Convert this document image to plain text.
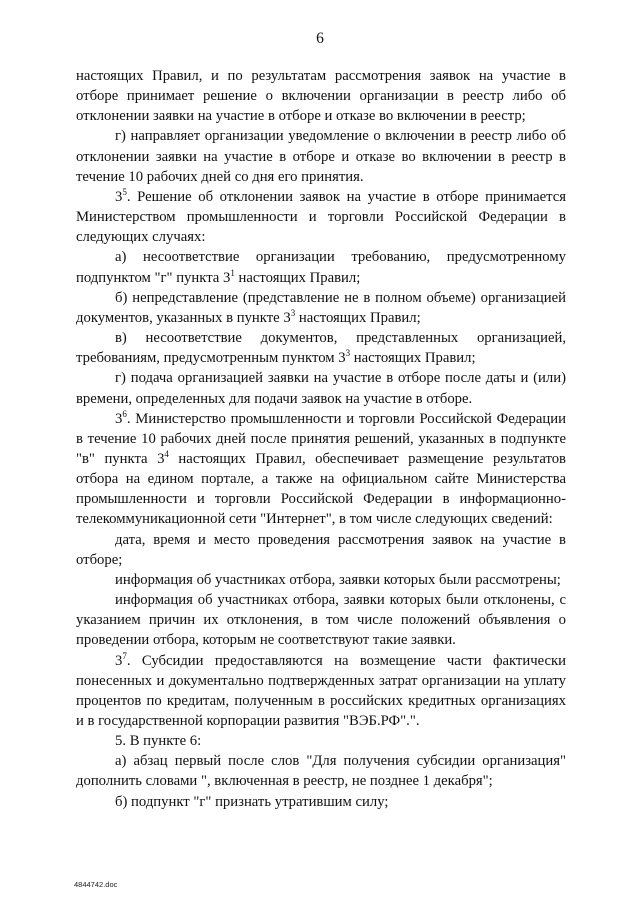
6

настоящих Правил, и по результатам рассмотрения заявок на участие в отборе принимает решение о включении организации в реестр либо об отклонении заявки на участие в отборе и отказе во включении в реестр;

г) направляет организации уведомление о включении в реестр либо об отклонении заявки на участие в отборе и отказе во включении в реестр в течение 10 рабочих дней со дня его принятия.

$3^5$. Решение об отклонении заявок на участие в отборе принимается Министерством промышленности и торговли Российской Федерации в следующих случаях:

а) несоответствие организации требованию, предусмотренному подпунктом "г" пункта $3^1$ настоящих Правил;

б) непредставление (представление не в полном объеме) организацией документов, указанных в пункте $3^3$ настоящих Правил;

в) несоответствие документов, представленных организацией, требованиям, предусмотренным пунктом $3^3$ настоящих Правил;

г) подача организацией заявки на участие в отборе после даты и (или) времени, определенных для подачи заявок на участие в отборе.

$3^6$. Министерство промышленности и торговли Российской Федерации в течение 10 рабочих дней после принятия решений, указанных в подпункте "в" пункта $3^4$ настоящих Правил, обеспечивает размещение результатов отбора на едином портале, а также на официальном сайте Министерства промышленности и торговли Российской Федерации в информационно-телекоммуникационной сети "Интернет", в том числе следующих сведений:

дата, время и место проведения рассмотрения заявок на участие в отборе;

информация об участниках отбора, заявки которых были рассмотрены;

информация об участниках отбора, заявки которых были отклонены, с указанием причин их отклонения, в том числе положений объявления о проведении отбора, которым не соответствуют такие заявки.

$3^7$. Субсидии предоставляются на возмещение части фактически понесенных и документально подтвержденных затрат организации на уплату процентов по кредитам, полученным в российских кредитных организациях и в государственной корпорации развития "ВЭБ.РФ".".

5. В пункте 6:

а) абзац первый после слов "Для получения субсидии организация" дополнить словами ", включенная в реестр, не позднее 1 декабря";

б) подпункт "г" признать утратившим силу;

4844742.doc
